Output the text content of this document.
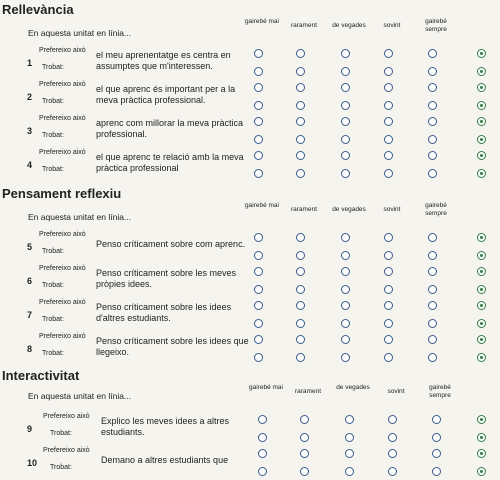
Rellevància
En aquesta unitat en línia...
gairebé mai
rarament	de vegades	sovint
gairebé sempre
1
Prefereixo això
Trobat:
el meu aprenentatge es centra en assumptes que m'interessen.
2
Prefereixo això
Trobat:
el que aprenc és important per a la meva pràctica professional.
3
Prefereixo això
Trobat:
aprenc com millorar la meva pràctica professional.
4
Prefereixo això
Trobat:
el que aprenc te relació amb la meva pràctica professional
Pensament reflexiu
En aquesta unitat en línia...
gairebé mai
rarament	de vegades	sovint
gairebé sempre
5
Prefereixo això
Trobat:
Penso críticament sobre com aprenc.
6
Prefereixo això
Trobat:
Penso críticament sobre les meves pròpies idees.
7
Prefereixo això
Trobat:
Penso críticament sobre les idees d'altres estudiants.
8
Prefereixo això
Trobat:
Penso críticament sobre les idees que llegeixo.
Interactivitat
En aquesta unitat en línia...
gairebé mai
rarament
de vegades
sovint
gairebé sempre
9
Prefereixo això
Trobat:
Explico les meves idees a altres estudiants.
10
Prefereixo això
Trobat:
Demano a altres estudiants que
